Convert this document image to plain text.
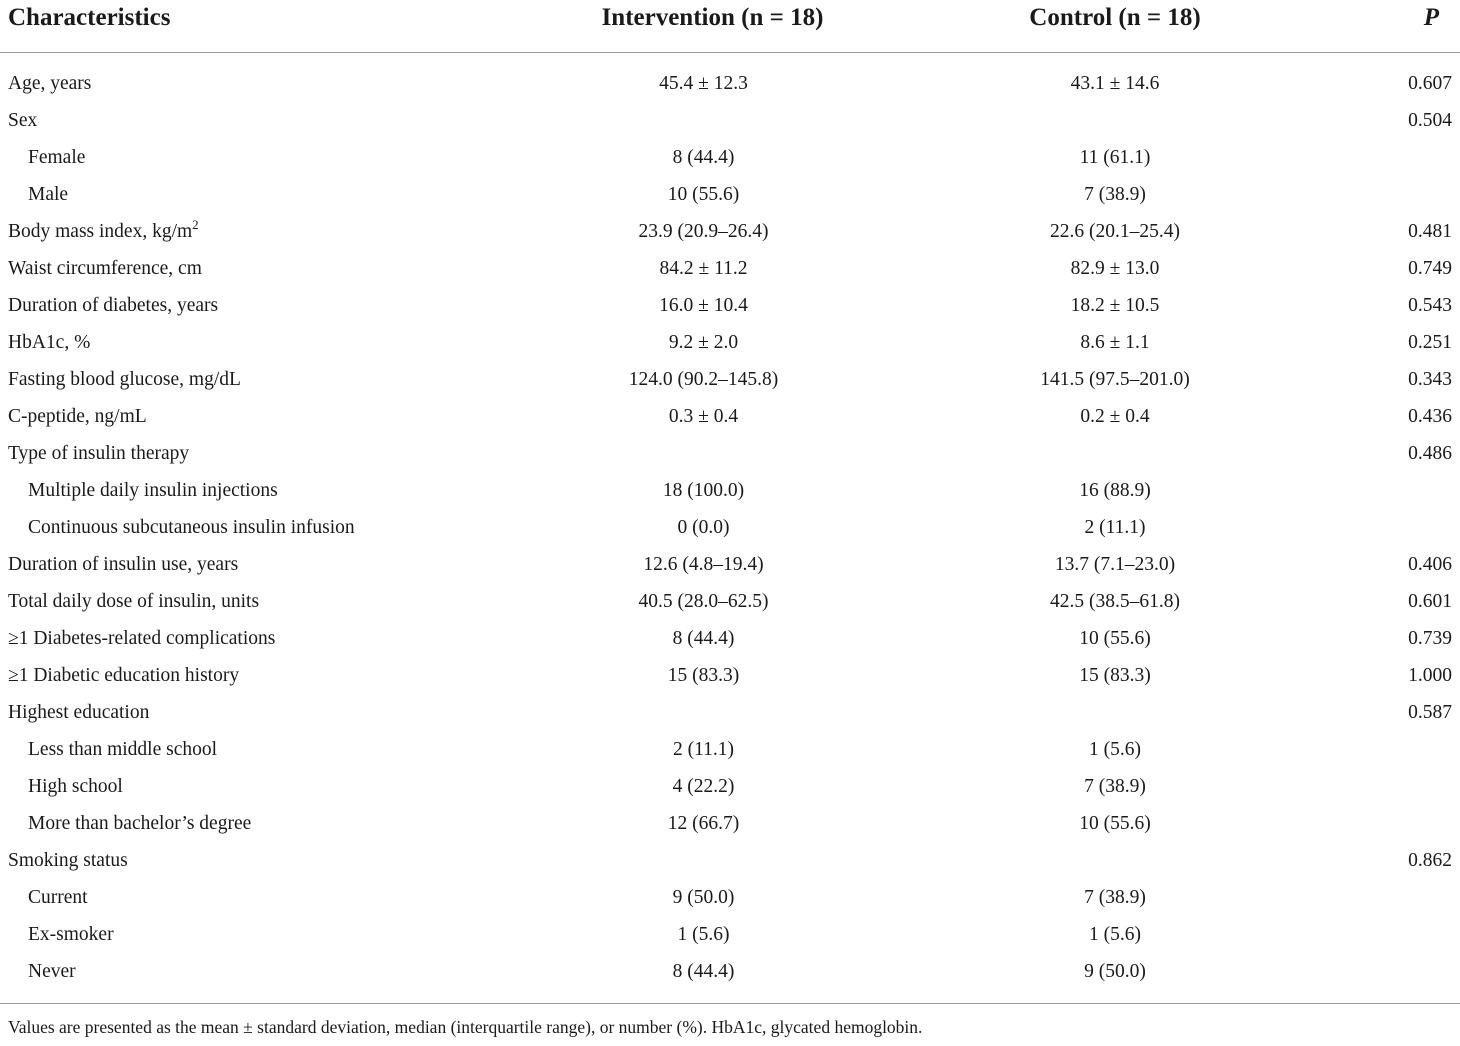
Characteristics	Intervention (n = 18)	Control (n = 18)	P

Age, years	45.4 ± 12.3	43.1 ± 14.6	0.607
Sex			0.504
Female	8 (44.4)	11 (61.1)	
Male	10 (55.6)	7 (38.9)	
Body mass index, $kg/m^2$	23.9 (20.9–26.4)	22.6 (20.1–25.4)	0.481
Waist circumference, cm	84.2 ± 11.2	82.9 ± 13.0	0.749
Duration of diabetes, years	16.0 ± 10.4	18.2 ± 10.5	0.543
HbA1c, %	9.2 ± 2.0	8.6 ± 1.1	0.251
Fasting blood glucose, mg/dL	124.0 (90.2–145.8)	141.5 (97.5–201.0)	0.343
C-peptide, ng/mL	0.3 ± 0.4	0.2 ± 0.4	0.436
Type of insulin therapy			0.486
Multiple daily insulin injections	18 (100.0)	16 (88.9)	
Continuous subcutaneous insulin infusion	0 (0.0)	2 (11.1)	
Duration of insulin use, years	12.6 (4.8–19.4)	13.7 (7.1–23.0)	0.406
Total daily dose of insulin, units	40.5 (28.0–62.5)	42.5 (38.5–61.8)	0.601
≥1 Diabetes-related complications	8 (44.4)	10 (55.6)	0.739
≥1 Diabetic education history	15 (83.3)	15 (83.3)	1.000
Highest education			0.587
Less than middle school	2 (11.1)	1 (5.6)	
High school	4 (22.2)	7 (38.9)	
More than bachelor’s degree	12 (66.7)	10 (55.6)	
Smoking status			0.862
Current	9 (50.0)	7 (38.9)	
Ex-smoker	1 (5.6)	1 (5.6)	
Never	8 (44.4)	9 (50.0)	

Values are presented as the mean ± standard deviation, median (interquartile range), or number (%). HbA1c, glycated hemoglobin.
